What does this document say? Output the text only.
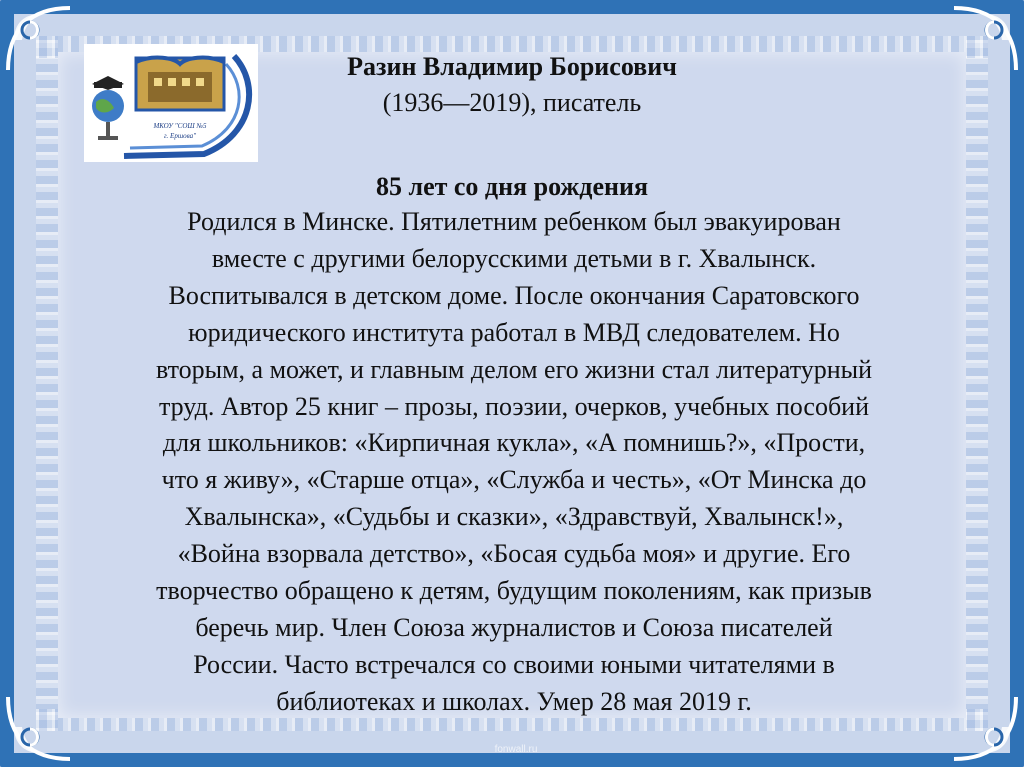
МКОУ "СОШ №5
г. Ершова"

Разин Владимир Борисович

(1936—2019), писатель

85 лет со дня рождения

Родился в Минске. Пятилетним ребенком был эвакуирован
вместе с другими белорусскими детьми в г. Хвалынск.
Воспитывался в детском доме. После окончания Саратовского
юридического института работал в МВД следователем. Но
вторым, а может, и главным делом его жизни стал литературный
труд. Автор 25 книг – прозы, поэзии, очерков, учебных пособий
для школьников: «Кирпичная кукла», «А помнишь?», «Прости,
что я живу», «Старше отца», «Служба и честь», «От Минска до
Хвалынска», «Судьбы и сказки», «Здравствуй, Хвалынск!»,
«Война взорвала детство», «Босая судьба моя» и другие. Его
творчество обращено к детям, будущим поколениям, как призыв
беречь мир. Член Союза журналистов и Союза писателей
России. Часто встречался со своими юными читателями в
библиотеках и школах. Умер 28 мая 2019 г.
fonwall.ru
